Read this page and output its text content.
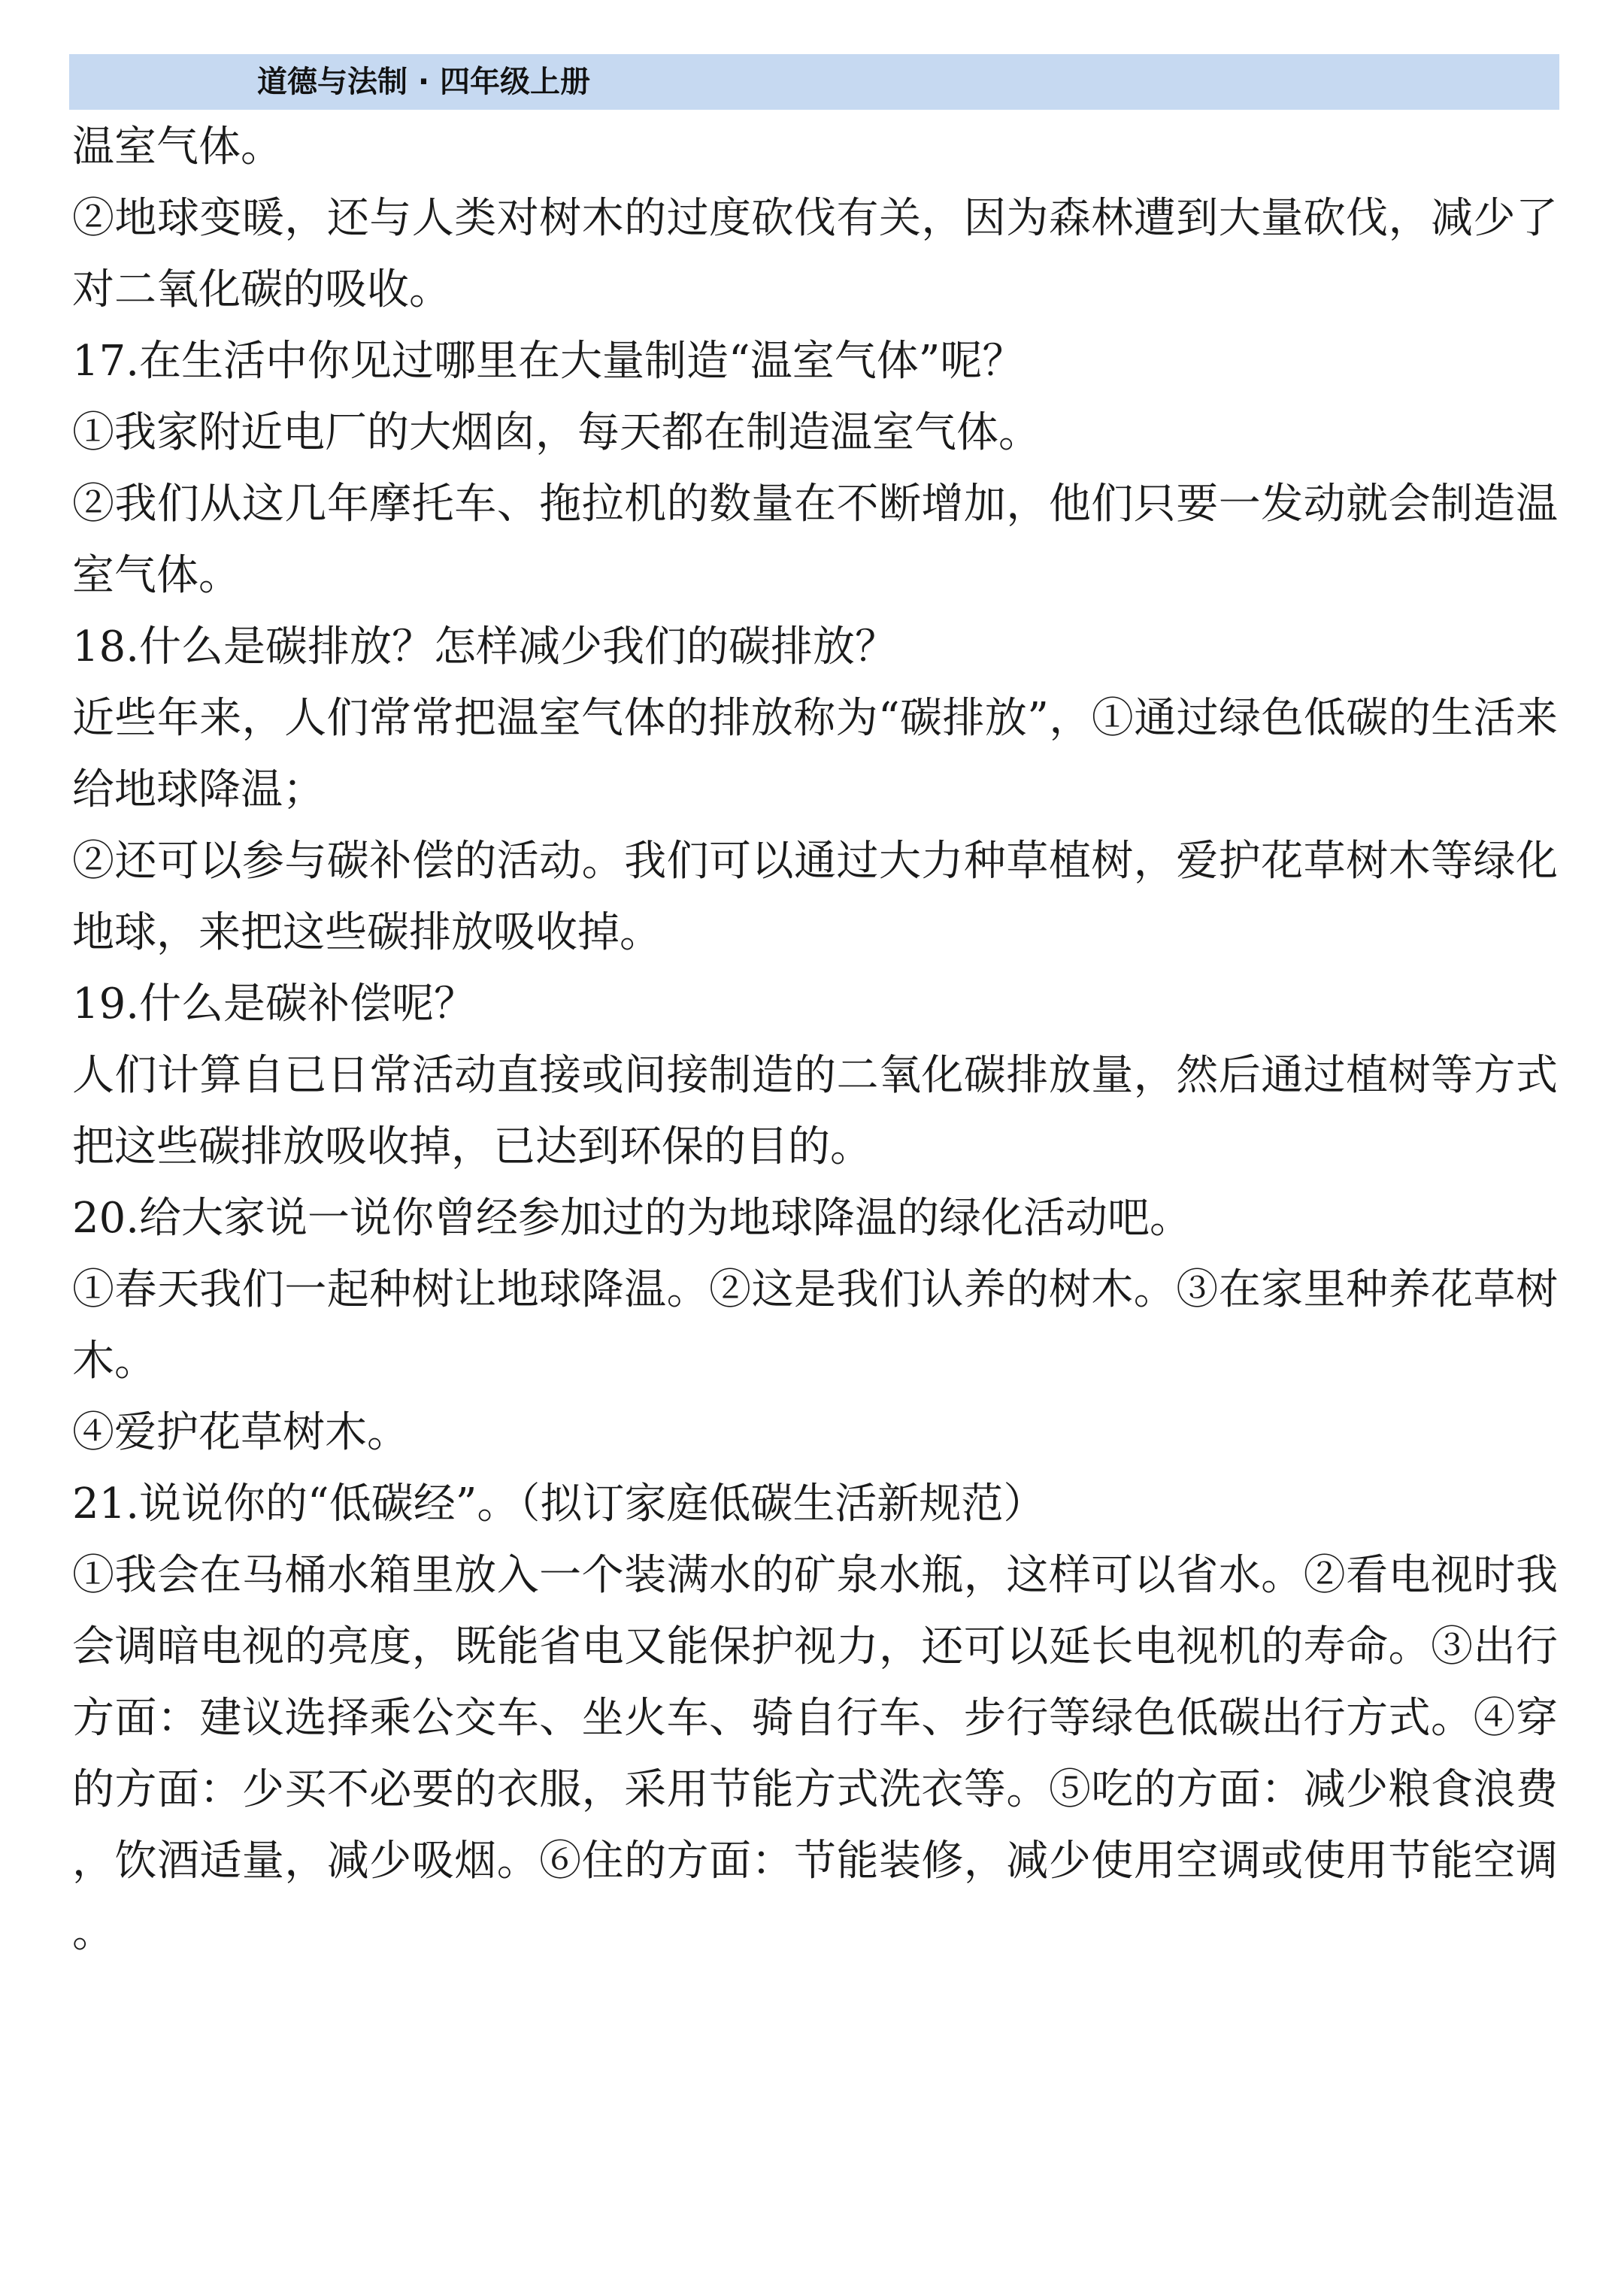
道德与法制 · 四年级上册

温室气体。

②地球变暖，还与人类对树木的过度砍伐有关，因为森林遭到大量砍伐，减少了对二氧化碳的吸收。

17.在生活中你见过哪里在大量制造“温室气体”呢？

①我家附近电厂的大烟囱，每天都在制造温室气体。

②我们从这几年摩托车、拖拉机的数量在不断增加，他们只要一发动就会制造温室气体。

18.什么是碳排放？怎样减少我们的碳排放？

近些年来，人们常常把温室气体的排放称为“碳排放”，①通过绿色低碳的生活来给地球降温；

②还可以参与碳补偿的活动。我们可以通过大力种草植树，爱护花草树木等绿化地球，来把这些碳排放吸收掉。

19.什么是碳补偿呢？

人们计算自已日常活动直接或间接制造的二氧化碳排放量，然后通过植树等方式把这些碳排放吸收掉，已达到环保的目的。

20.给大家说一说你曾经参加过的为地球降温的绿化活动吧。

①春天我们一起种树让地球降温。②这是我们认养的树木。③在家里种养花草树木。

④爱护花草树木。

21.说说你的“低碳经”。（拟订家庭低碳生活新规范）

①我会在马桶水箱里放入一个装满水的矿泉水瓶，这样可以省水。②看电视时我会调暗电视的亮度，既能省电又能保护视力，还可以延长电视机的寿命。③出行方面：建议选择乘公交车、坐火车、骑自行车、步行等绿色低碳出行方式。④穿的方面：少买不必要的衣服，采用节能方式洗衣等。⑤吃的方面：减少粮食浪费，饮酒适量，减少吸烟。⑥住的方面：节能装修，减少使用空调或使用节能空调。
